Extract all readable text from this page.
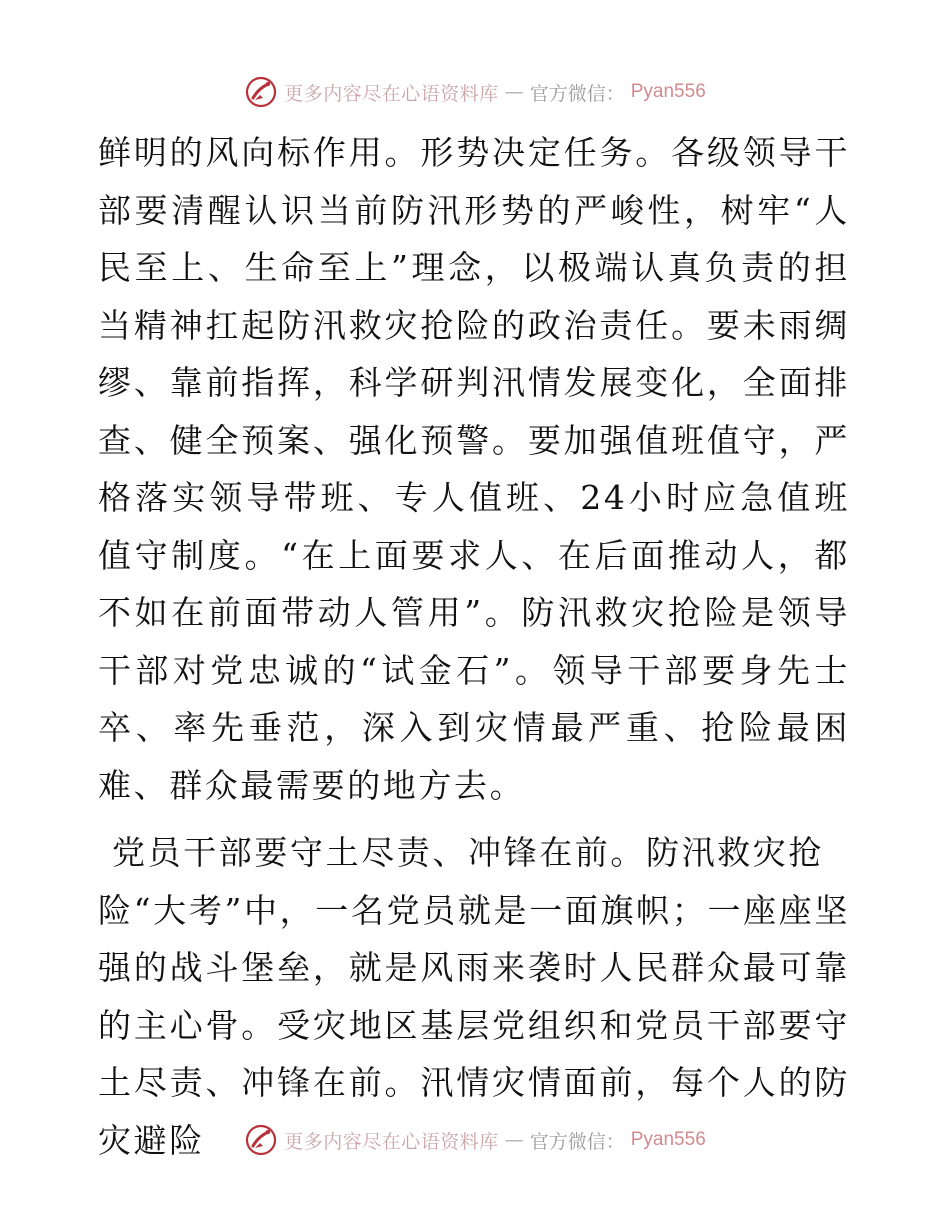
更多内容尽在心语资料库 — 官方微信： Pyan556

鲜明的风向标作用。形势决定任务。各级领导干部要清醒认识当前防汛形势的严峻性，树牢“人民至上、生命至上”理念，以极端认真负责的担当精神扛起防汛救灾抢险的政治责任。要未雨绸缪、靠前指挥，科学研判汛情发展变化，全面排查、健全预案、强化预警。要加强值班值守，严格落实领导带班、专人值班、24小时应急值班值守制度。“在上面要求人、在后面推动人，都不如在前面带动人管用”。防汛救灾抢险是领导干部对党忠诚的“试金石”。领导干部要身先士卒、率先垂范，深入到灾情最严重、抢险最困难、群众最需要的地方去。

党员干部要守土尽责、冲锋在前。防汛救灾抢
险“大考”中，一名党员就是一面旗帜；一座座坚强的战斗堡垒，就是风雨来袭时人民群众最可靠的主心骨。受灾地区基层党组织和党员干部要守土尽责、冲锋在前。汛情灾情面前，每个人的防灾避险	更多内容尽在心语资料库 — 官方微信： Pyan556
